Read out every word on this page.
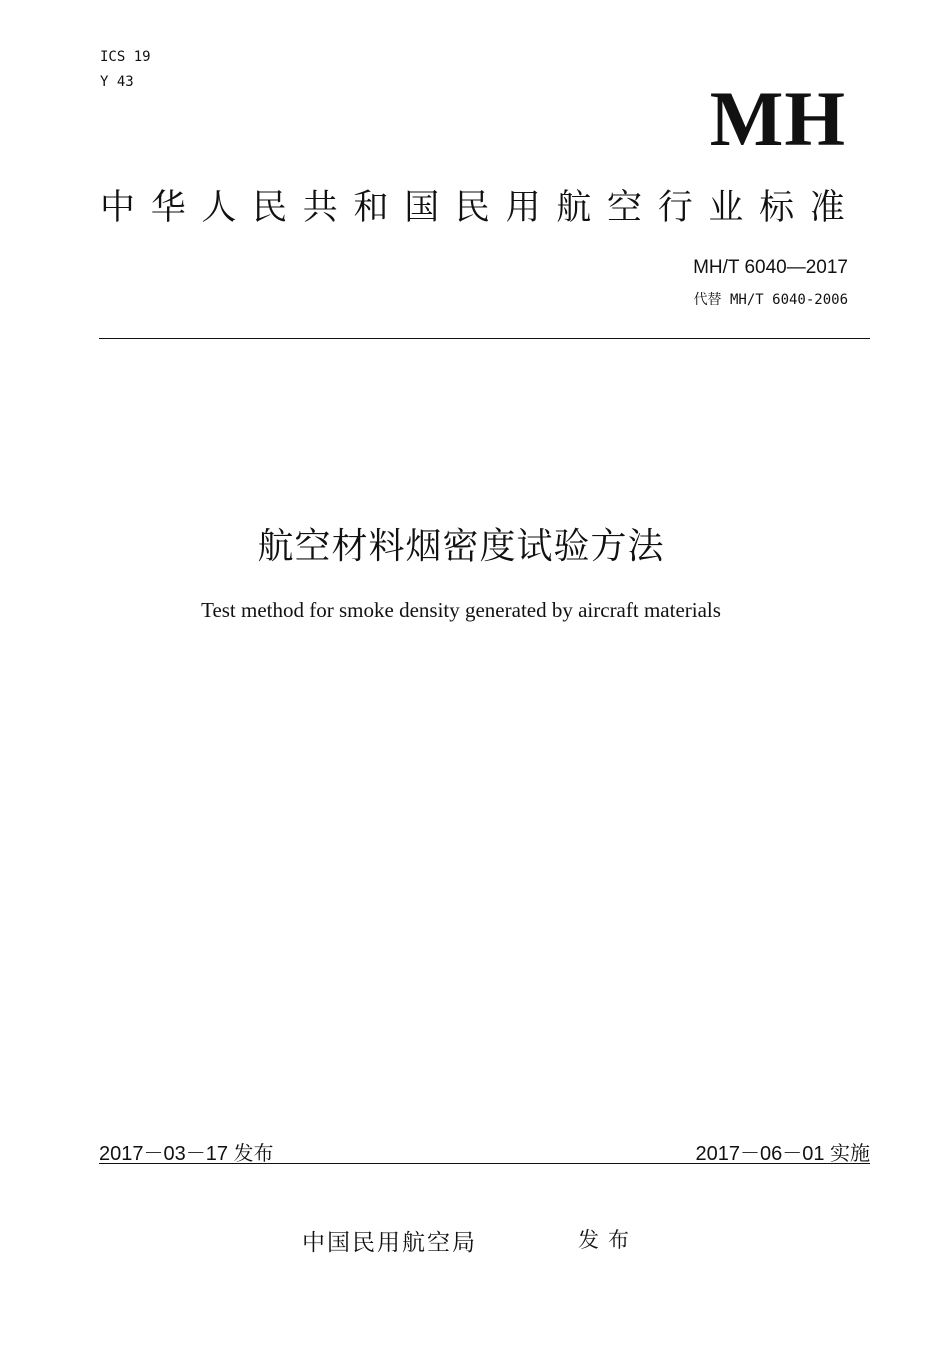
ICS 19
Y 43	MH
中华人民共和国民用航空行业标准
MH/T 6040—2017
代替 MH/T 6040-2006
航空材料烟密度试验方法
Test method for smoke density generated by aircraft materials
2017－03－17 发布	2017－06－01 实施
中国民用航空局	发布
